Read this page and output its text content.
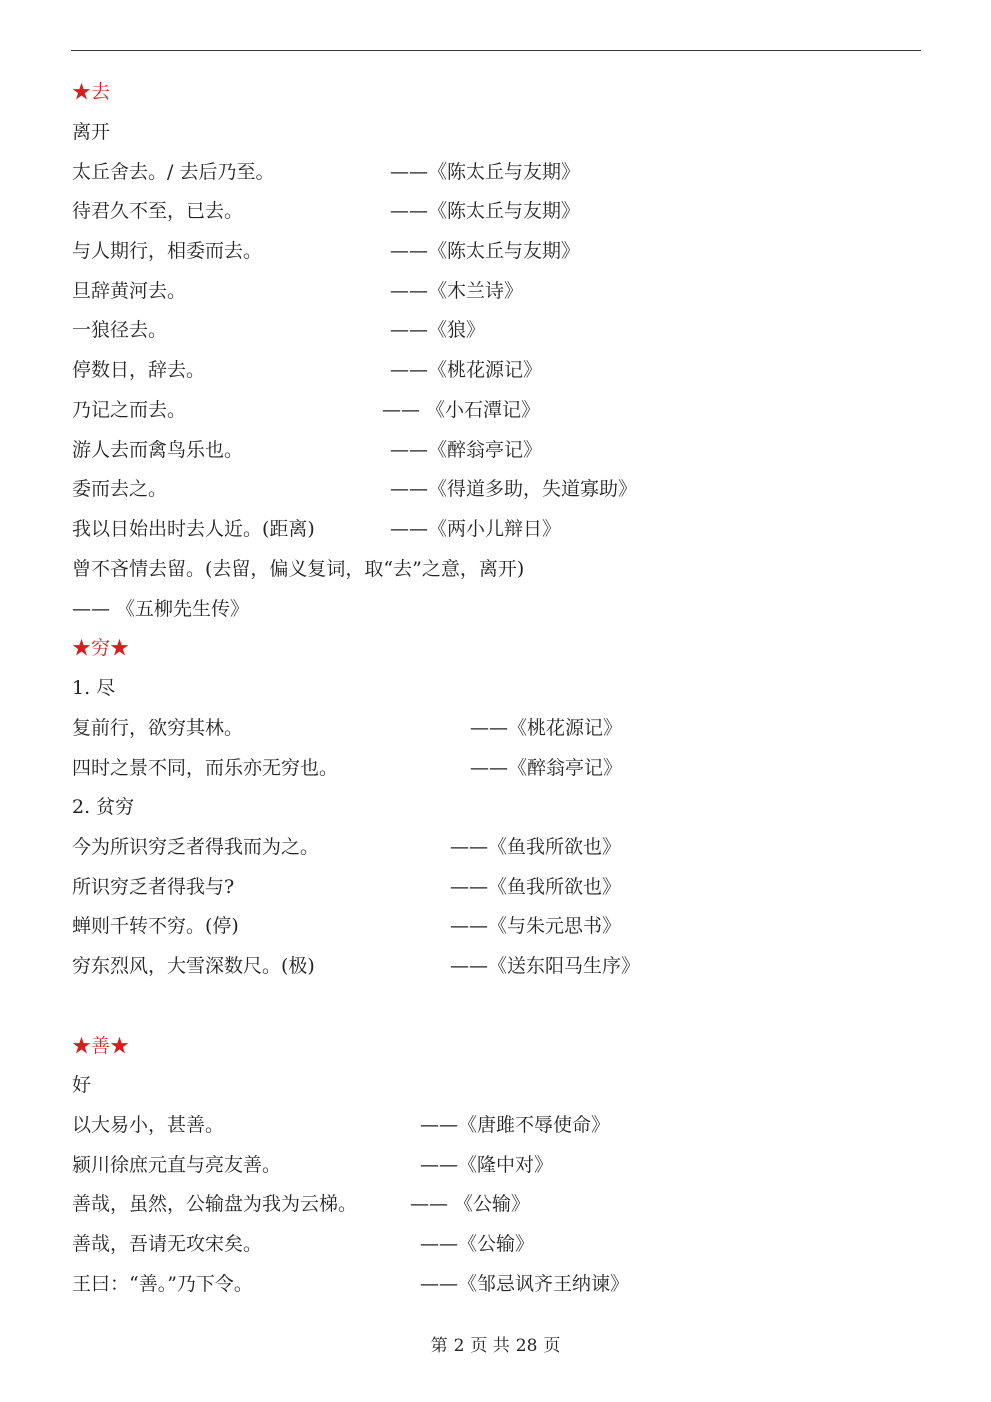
★去
离开
太丘舍去。/ 去后乃至。	——《陈太丘与友期》
待君久不至，已去。	——《陈太丘与友期》
与人期行，相委而去。	——《陈太丘与友期》
旦辞黄河去。	——《木兰诗》
一狼径去。	——《狼》
停数日，辞去。	——《桃花源记》
乃记之而去。	—— 《小石潭记》
游人去而禽鸟乐也。	——《醉翁亭记》
委而去之。	——《得道多助，失道寡助》
我以日始出时去人近。(距离)	——《两小儿辩日》
曾不吝情去留。(去留，偏义复词，取“去”之意，离开)
—— 《五柳先生传》
★穷★
1. 尽
复前行，欲穷其林。	——《桃花源记》
四时之景不同，而乐亦无穷也。	——《醉翁亭记》
2. 贫穷
今为所识穷乏者得我而为之。	——《鱼我所欲也》
所识穷乏者得我与?	——《鱼我所欲也》
蝉则千转不穷。(停)	——《与朱元思书》
穷东烈风，大雪深数尺。(极)	——《送东阳马生序》
★善★
好
以大易小，甚善。	——《唐雎不辱使命》
颍川徐庶元直与亮友善。	——《隆中对》
善哉，虽然，公输盘为我为云梯。	—— 《公输》
善哉，吾请无攻宋矣。	——《公输》
王曰：“善。”乃下令。	——《邹忌讽齐王纳谏》
第 2 页 共 28 页
